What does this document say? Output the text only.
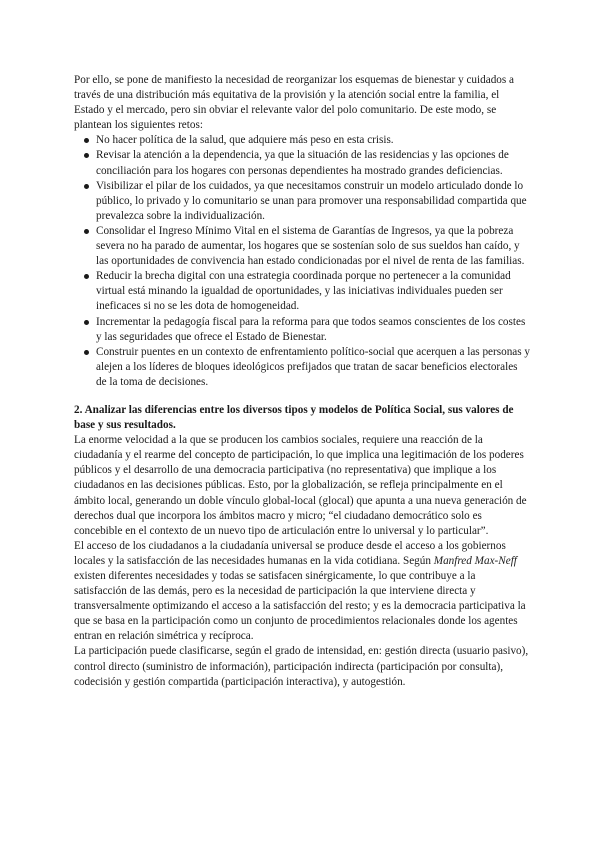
Por ello, se pone de manifiesto la necesidad de reorganizar los esquemas de bienestar y cuidados a través de una distribución más equitativa de la provisión y la atención social entre la familia, el Estado y el mercado, pero sin obviar el relevante valor del polo comunitario. De este modo, se plantean los siguientes retos:

No hacer política de la salud, que adquiere más peso en esta crisis.
Revisar la atención a la dependencia, ya que la situación de las residencias y las opciones de conciliación para los hogares con personas dependientes ha mostrado grandes deficiencias.
Visibilizar el pilar de los cuidados, ya que necesitamos construir un modelo articulado donde lo público, lo privado y lo comunitario se unan para promover una responsabilidad compartida que prevalezca sobre la individualización.
Consolidar el Ingreso Mínimo Vital en el sistema de Garantías de Ingresos, ya que la pobreza severa no ha parado de aumentar, los hogares que se sostenían solo de sus sueldos han caído, y las oportunidades de convivencia han estado condicionadas por el nivel de renta de las familias.
Reducir la brecha digital con una estrategia coordinada porque no pertenecer a la comunidad virtual está minando la igualdad de oportunidades, y las iniciativas individuales pueden ser ineficaces si no se les dota de homogeneidad.
Incrementar la pedagogía fiscal para la reforma para que todos seamos conscientes de los costes y las seguridades que ofrece el Estado de Bienestar.
Construir puentes en un contexto de enfrentamiento político-social que acerquen a las personas y alejen a los líderes de bloques ideológicos prefijados que tratan de sacar beneficios electorales de la toma de decisiones.

2. Analizar las diferencias entre los diversos tipos y modelos de Política Social, sus valores de base y sus resultados.

La enorme velocidad a la que se producen los cambios sociales, requiere una reacción de la ciudadanía y el rearme del concepto de participación, lo que implica una legitimación de los poderes públicos y el desarrollo de una democracia participativa (no representativa) que implique a los ciudadanos en las decisiones públicas. Esto, por la globalización, se refleja principalmente en el ámbito local, generando un doble vínculo global-local (glocal) que apunta a una nueva generación de derechos dual que incorpora los ámbitos macro y micro; “el ciudadano democrático solo es concebible en el contexto de un nuevo tipo de articulación entre lo universal y lo particular”.

El acceso de los ciudadanos a la ciudadanía universal se produce desde el acceso a los gobiernos locales y la satisfacción de las necesidades humanas en la vida cotidiana. Según Manfred Max-Neff existen diferentes necesidades y todas se satisfacen sinérgicamente, lo que contribuye a la satisfacción de las demás, pero es la necesidad de participación la que interviene directa y transversalmente optimizando el acceso a la satisfacción del resto; y es la democracia participativa la que se basa en la participación como un conjunto de procedimientos relacionales donde los agentes entran en relación simétrica y recíproca.

La participación puede clasificarse, según el grado de intensidad, en: gestión directa (usuario pasivo), control directo (suministro de información), participación indirecta (participación por consulta), codecisión y gestión compartida (participación interactiva), y autogestión.
